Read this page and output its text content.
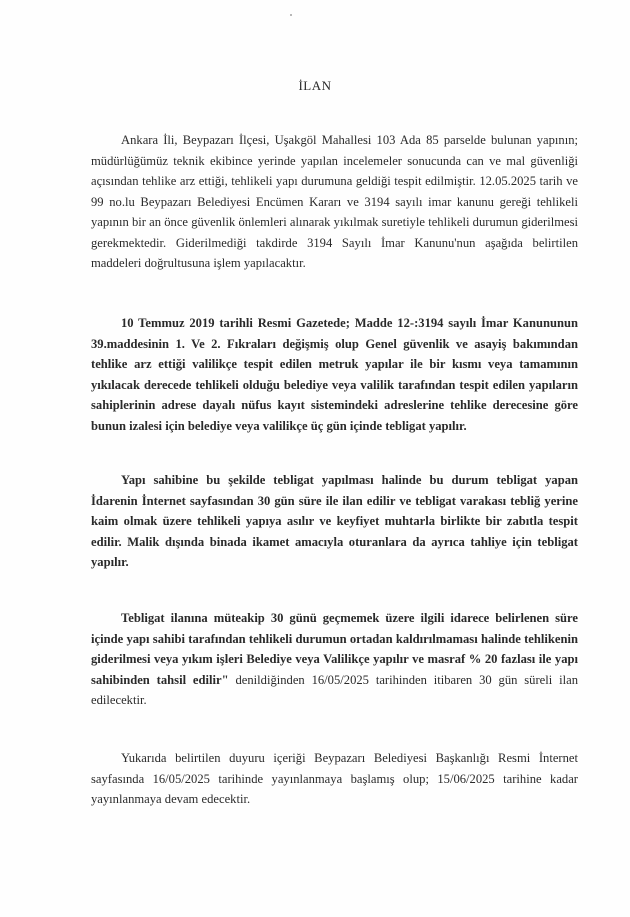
İLAN
Ankara İli, Beypazarı İlçesi, Uşakgöl Mahallesi 103 Ada 85 parselde bulunan yapının; müdürlüğümüz teknik ekibince yerinde yapılan incelemeler sonucunda can ve mal güvenliği açısından tehlike arz ettiği, tehlikeli yapı durumuna geldiği tespit edilmiştir. 12.05.2025 tarih ve 99 no.lu Beypazarı Belediyesi Encümen Kararı ve 3194 sayılı imar kanunu gereği tehlikeli yapının bir an önce güvenlik önlemleri alınarak yıkılmak suretiyle tehlikeli durumun giderilmesi gerekmektedir. Giderilmediği takdirde 3194 Sayılı İmar Kanunu'nun aşağıda belirtilen maddeleri doğrultusuna işlem yapılacaktır.
10 Temmuz 2019 tarihli Resmi Gazetede; Madde 12-:3194 sayılı İmar Kanununun 39.maddesinin 1. Ve 2. Fıkraları değişmiş olup Genel güvenlik ve asayiş bakımından tehlike arz ettiği valilikçe tespit edilen metruk yapılar ile bir kısmı veya tamamının yıkılacak derecede tehlikeli olduğu belediye veya valilik tarafından tespit edilen yapıların sahiplerinin adrese dayalı nüfus kayıt sistemindeki adreslerine tehlike derecesine göre bunun izalesi için belediye veya valilikçe üç gün içinde tebligat yapılır.
Yapı sahibine bu şekilde tebligat yapılması halinde bu durum tebligat yapan İdarenin İnternet sayfasından 30 gün süre ile ilan edilir ve tebligat varakası tebliğ yerine kaim olmak üzere tehlikeli yapıya asılır ve keyfiyet muhtarla birlikte bir zabıtla tespit edilir. Malik dışında binada ikamet amacıyla oturanlara da ayrıca tahliye için tebligat yapılır.
Tebligat ilanına müteakip 30 günü geçmemek üzere ilgili idarece belirlenen süre içinde yapı sahibi tarafından tehlikeli durumun ortadan kaldırılmaması halinde tehlikenin giderilmesi veya yıkım işleri Belediye veya Valilikçe yapılır ve masraf % 20 fazlası ile yapı sahibinden tahsil edilir" denildiğinden 16/05/2025 tarihinden itibaren 30 gün süreli ilan edilecektir.
Yukarıda belirtilen duyuru içeriği Beypazarı Belediyesi Başkanlığı Resmi İnternet sayfasında 16/05/2025 tarihinde yayınlanmaya başlamış olup; 15/06/2025 tarihine kadar yayınlanmaya devam edecektir.
